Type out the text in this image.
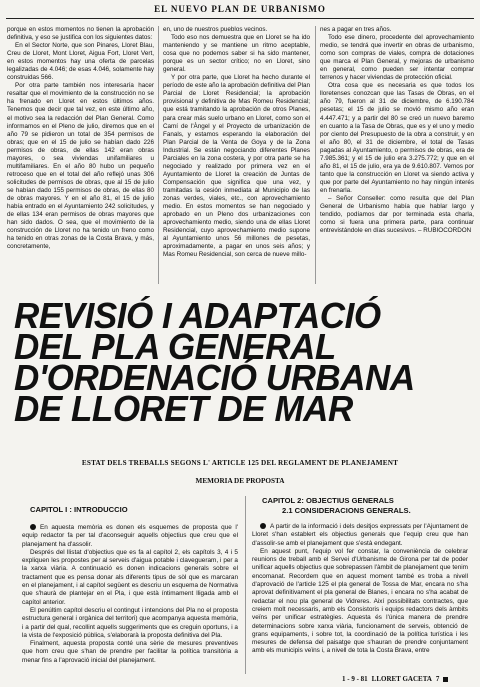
EL NUEVO PLAN DE URBANISMO

porque en estos momentos no tienen la aprobación definitiva, y eso se justifica con los siguientes datos:

En el Sector Norte, que son Pinares, Lloret Blau, Creu de Lloret, Mont Lloret, Aigua Fort, Lloret Vert, en estos momentos hay una oferta de parcelas legalizadas de 4.046; de esas 4.046, solamente hay construidas 566.

Por otra parte también nos interesaría hacer resaltar que el movimiento de la construcción no se ha frenado en Lloret en estos últimos años. Tenemos que decir que tal vez, en este último año, el motivo sea la redacción del Plan General. Como informamos en el Pleno de julio, diremos que en el año 79 se pidieron un total de 354 permisos de obras; que en el 15 de julio se habían dado 226 permisos de obras, de ellas 142 eran obras mayores, o sea viviendas unifamiliares u multifamiliares. En el año 80 hubo un pequeño retroceso que en el total del año reflejó unas 306 solicitudes de permisos de obras, que al 15 de julio se habían dado 155 permisos de obras, de ellas 80 de obras mayores. Y en el año 81, el 15 de julio había entrado en el Ayuntamiento 242 solicitudes, y de ellas 134 eran permisos de obras mayores que han sido dados. O sea, que el movimiento de la construcción de Lloret no ha tenido un freno como ha tenido en otras zonas de la Costa Brava, y más, concretamente,

en, uno de nuestros pueblos vecinos.

Todo eso nos demuestra que en Lloret se ha ido manteniendo y se mantiene un ritmo aceptable, cosa que no podemos saber si ha sido mantener, porque es un sector crítico; no en Lloret, sino general.

Y por otra parte, que Lloret ha hecho durante el período de este año la aprobación definitiva del Plan Parcial de Lloret Residencial; la aprobación provisional y definitiva de Mas Romeu Residencial; que está tramitando la aprobación de otros Planes, para crear más suelo urbano en Lloret, como son el Camí de l'Àngel y el Proyecto de urbanización de Fanals, y estamos esperando la elaboración del Plan Parcial de la Venta de Goya y de la Zona Industrial. Se están negociando diferentes Planes Parciales en la zona costera, y por otra parte se ha negociado y realizado por primera vez en el Ayuntamiento de Lloret la creación de Juntas de Compensación que significa que una vez, y tramitadas la cesión inmediata al Municipio de las zonas verdes, viales, etc., con aprovechamiento medio. En estos momentos se han negociado y aprobado en un Pleno dos urbanizaciones con aprovechamiento medio, siendo una de ellas Lloret Residencial, cuyo aprovechamiento medio supone al Ayuntamiento unos 56 millones de pesetas, aproximadamente, a pagar en unos seis años; y Mas Romeu Residencial, son cerca de nueve millo-

nes a pagar en tres años.

Todo ese dinero, procedente del aprovechamiento medio, se tendrá que invertir en obras de urbanismo, como son compras de viales, compra de dotaciones que marca el Plan General, y mejoras de urbanismo en general, como pueden ser intentar comprar terrenos y hacer viviendas de protección oficial.

Otra cosa que es necesaria es que todos los lloretenses conozcan que las Tasas de Obras, en el año 79, fueron al 31 de diciembre, de 6.190.784 pesetas; el 15 de julio se movió mismo año eran 4.447.471; y a partir del 80 se creó un nuevo baremo en cuanto a la Tasa de Obras, que es y el uno y medio por ciento del Presupuesto de la obra a construir, y en el año 80, el 31 de diciembre, el total de Tasas pagadas al Ayuntamiento, o permisos de obras, era de 7.985.361; y el 15 de julio era 3.275.772; y que en el año 81, el 15 de julio, era ya de 9.610.807. Vemos por tanto que la construcción en Lloret va siendo activa y que por parte del Ayuntamiento no hay ningún interés en frenarla.

– Señor Conseller: como resulta que del Plan General de Urbanismo había que hablar largo y tendido, podíamos dar por terminada esta charla, como si fuera una primera parte, para continuar entrevistándole en días sucesivos. – RUBIOCORDON

REVISIÓ I ADAPTACIÓ
DEL PLA GENERAL
D'ORDENACIÓ URBANA
DE LLORET DE MAR
ESTAT DELS TREBALLS SEGONS L' ARTICLE 125 DEL REGLAMENT DE PLANEJAMENT
MEMORIA DE PROPOSTA
CAPITOL I : INTRODUCCIO
CAPITOL 2: OBJECTIUS GENERALS
2.1 CONSIDERACIONS GENERALS.

En aquesta memòria es donen els esquemes de proposta que l' equip redactor fa per tal d'aconseguir aquells objectius que creu que el planejament ha d'assolir.

Després del llistat d'objectius que es fa al capítol 2, els capítols 3, 4 i 5 expliquen les propostes per al serveis d'aigua potable i clavegueram, i per a la xarxa viària. A continuació es donen indicacions generals sobre el tractament que es pensa donar als diferents tipus de sòl que es marcaran en el planejament, i al capítol següent es descriu un esquema de Normativa que s'haurà de plantejar en el Pla, i que està íntimament lligada amb el capítol anterior.

El penúltim capítol descriu el contingut i intencions del Pla no el proposta estructura general i orgànica del territori) que acompanya aquesta memòria, i a partir del qual, recollint aquells suggeriments que es creguin oportuns, i a la vista de l'exposició pública, s'elaborarà la proposta definitiva del Pla.

Finalment, aquesta proposta conté una sèrie de mesures preventives que hom creu que s'han de prendre per facilitar la política transitòria a menar fins a l'aprovació inicial del planejament.

A partir de la informació i dels desitjos expressats per l'Ajuntament de Lloret s'han establert els objectius generals que l'equip creu que han d'assolir-se amb el planejament que s'està endegant.

En aquest punt, l'equip vol fer constar, la conveniència de celebrar reunions de treball amb el Servei d'Urbanisme de Girona per tal de poder unificar aquells objectius que sobrepassen l'àmbit de planejament que tenim encomanat. Recordem que en aquest moment també es troba a nivell d'aprovació de l'article 125 el pla general de Tossa de Mar, encara no s'ha aprovat definitivament el pla general de Blanes, i encara no s'ha acabat de redactar el nou pla general de Vidreres. Així possibilitats contractes, que creiem molt necessaris, amb els Consistoris i equips redactors dels àmbits veïns per unificar estratègies. Aquesta és l'única manera de prendre determinacions sobre xarxa viària, funcionament de serveis, obtenció de grans equipaments, i sobre tot, la coordinació de la política turística i les mesures de defensa del paisatge que s'hauran de prendre conjuntament amb els municipis veïns i, a nivell de tota la Costa Brava, entre

1 - 9 - 81 LLORET GACETA 7
